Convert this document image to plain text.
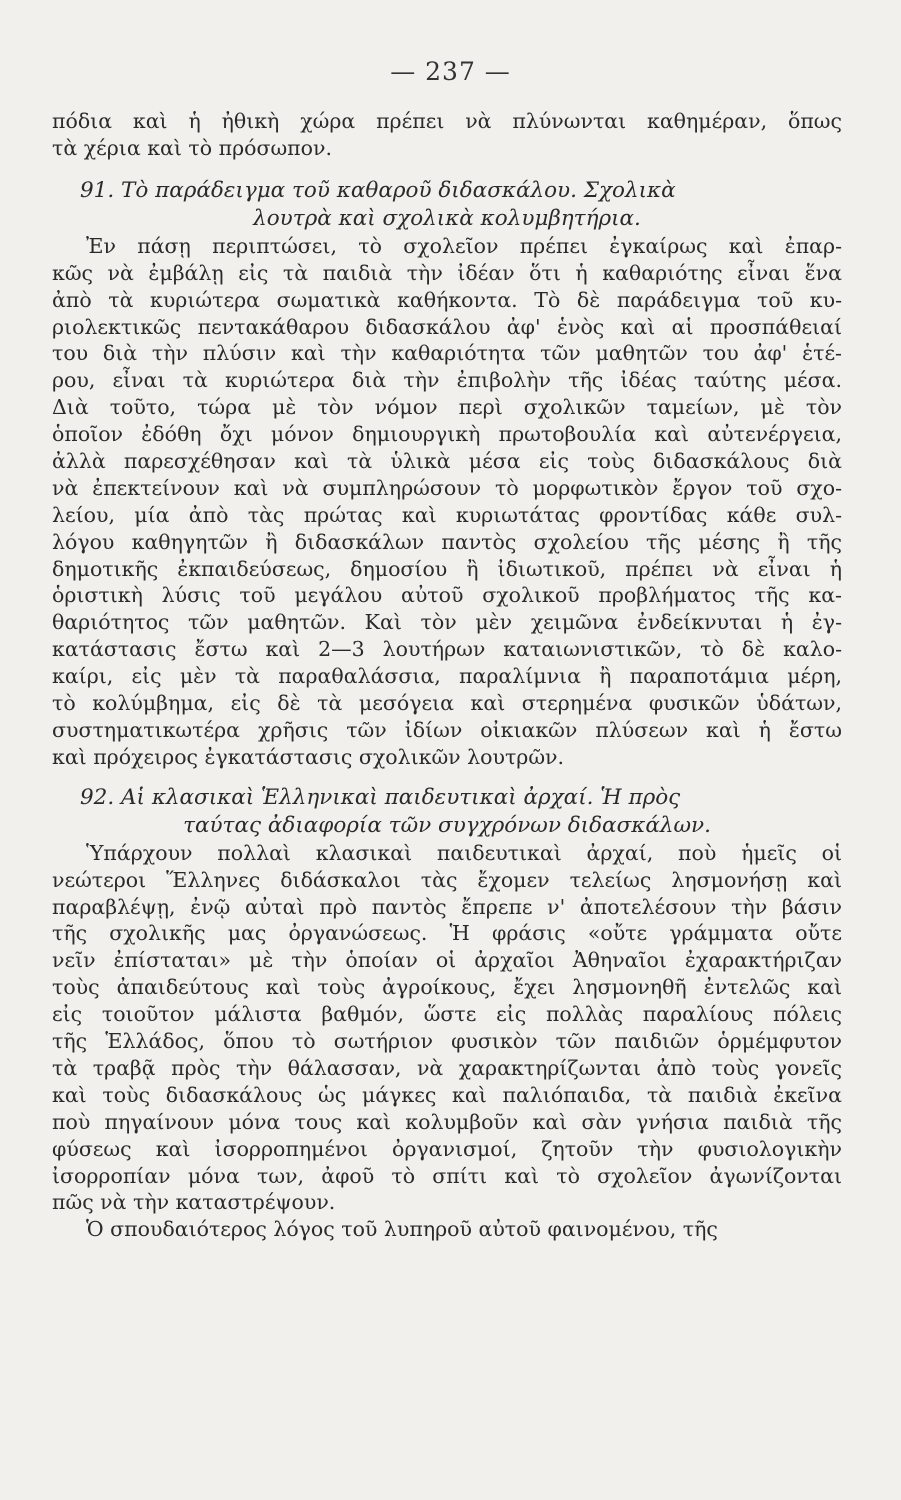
— 237 —
πόδια καὶ ἡ ἠθικὴ χώρα πρέπει νὰ πλύνωνται καθημέραν, ὅπως
τὰ χέρια καὶ τὸ πρόσωπον.
91. Τὸ παράδειγμα τοῦ καθαροῦ διδασκάλου. Σχολικὰ
λουτρὰ καὶ σχολικὰ κολυμβητήρια.
Ἐν πάσῃ περιπτώσει, τὸ σχολεῖον πρέπει ἐγκαίρως καὶ ἐπαρ-
κῶς νὰ ἐμβάλῃ εἰς τὰ παιδιὰ τὴν ἰδέαν ὅτι ἡ καθαριότης εἶναι ἕνα
ἀπὸ τὰ κυριώτερα σωματικὰ καθήκοντα. Τὸ δὲ παράδειγμα τοῦ κυ-
ριολεκτικῶς πεντακάθαρου διδασκάλου ἀφ' ἑνὸς καὶ αἱ προσπάθειαί
του διὰ τὴν πλύσιν καὶ τὴν καθαριότητα τῶν μαθητῶν του ἀφ' ἑτέ-
ρου, εἶναι τὰ κυριώτερα διὰ τὴν ἐπιβολὴν τῆς ἰδέας ταύτης μέσα.
Διὰ τοῦτο, τώρα μὲ τὸν νόμον περὶ σχολικῶν ταμείων, μὲ τὸν
ὁποῖον ἐδόθη ὄχι μόνον δημιουργικὴ πρωτοβουλία καὶ αὐτενέργεια,
ἀλλὰ παρεσχέθησαν καὶ τὰ ὑλικὰ μέσα εἰς τοὺς διδασκάλους διὰ
νὰ ἐπεκτείνουν καὶ νὰ συμπληρώσουν τὸ μορφωτικὸν ἔργον τοῦ σχο-
λείου, μία ἀπὸ τὰς πρώτας καὶ κυριωτάτας φροντίδας κάθε συλ-
λόγου καθηγητῶν ἢ διδασκάλων παντὸς σχολείου τῆς μέσης ἢ τῆς
δημοτικῆς ἐκπαιδεύσεως, δημοσίου ἢ ἰδιωτικοῦ, πρέπει νὰ εἶναι ἡ
ὁριστικὴ λύσις τοῦ μεγάλου αὐτοῦ σχολικοῦ προβλήματος τῆς κα-
θαριότητος τῶν μαθητῶν. Καὶ τὸν μὲν χειμῶνα ἐνδείκνυται ἡ ἐγ-
κατάστασις ἔστω καὶ 2—3 λουτήρων καταιωνιστικῶν, τὸ δὲ καλο-
καίρι, εἰς μὲν τὰ παραθαλάσσια, παραλίμνια ἢ παραποτάμια μέρη,
τὸ κολύμβημα, εἰς δὲ τὰ μεσόγεια καὶ στερημένα φυσικῶν ὑδάτων,
συστηματικωτέρα χρῆσις τῶν ἰδίων οἰκιακῶν πλύσεων καὶ ἡ ἔστω
καὶ πρόχειρος ἐγκατάστασις σχολικῶν λουτρῶν.
92. Αἱ κλασικαὶ Ἑλληνικαὶ παιδευτικαὶ ἀρχαί. Ἡ πρὸς
ταύτας ἀδιαφορία τῶν συγχρόνων διδασκάλων.
Ὑπάρχουν πολλαὶ κλασικαὶ παιδευτικαὶ ἀρχαί, ποὺ ἡμεῖς οἱ
νεώτεροι Ἕλληνες διδάσκαλοι τὰς ἔχομεν τελείως λησμονήσῃ καὶ
παραβλέψῃ, ἐνῷ αὐταὶ πρὸ παντὸς ἔπρεπε ν' ἀποτελέσουν τὴν βάσιν
τῆς σχολικῆς μας ὀργανώσεως. Ἡ φράσις «οὔτε γράμματα οὔτε
νεῖν ἐπίσταται» μὲ τὴν ὁποίαν οἱ ἀρχαῖοι Ἀθηναῖοι ἐχαρακτήριζαν
τοὺς ἀπαιδεύτους καὶ τοὺς ἀγροίκους, ἔχει λησμονηθῆ ἐντελῶς καὶ
εἰς τοιοῦτον μάλιστα βαθμόν, ὥστε εἰς πολλὰς παραλίους πόλεις
τῆς Ἑλλάδος, ὅπου τὸ σωτήριον φυσικὸν τῶν παιδιῶν ὁρμέμφυτον
τὰ τραβᾷ πρὸς τὴν θάλασσαν, νὰ χαρακτηρίζωνται ἀπὸ τοὺς γονεῖς
καὶ τοὺς διδασκάλους ὡς μάγκες καὶ παλιόπαιδα, τὰ παιδιὰ ἐκεῖνα
ποὺ πηγαίνουν μόνα τους καὶ κολυμβοῦν καὶ σὰν γνήσια παιδιὰ τῆς
φύσεως καὶ ἰσορροπημένοι ὀργανισμοί, ζητοῦν τὴν φυσιολογικὴν
ἰσορροπίαν μόνα των, ἀφοῦ τὸ σπίτι καὶ τὸ σχολεῖον ἀγωνίζονται
πῶς νὰ τὴν καταστρέψουν.
Ὁ σπουδαιότερος λόγος τοῦ λυπηροῦ αὐτοῦ φαινομένου, τῆς
